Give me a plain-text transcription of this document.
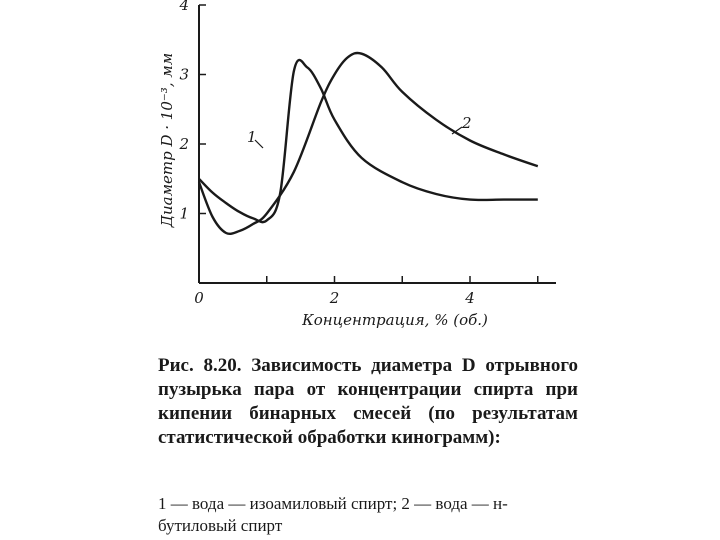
0	2	4
1
2
3
4
Концентрация, % (об.)
Диаметр D · 10⁻³, мм	1
2
Рис. 8.20. Зависимость диаметра D отрывного пузырька пара от концентрации спирта при кипении бинарных смесей (по результатам статистической обработки кинограмм):
1 — вода — изоамиловый спирт; 2 — вода — н-бутиловый спирт
